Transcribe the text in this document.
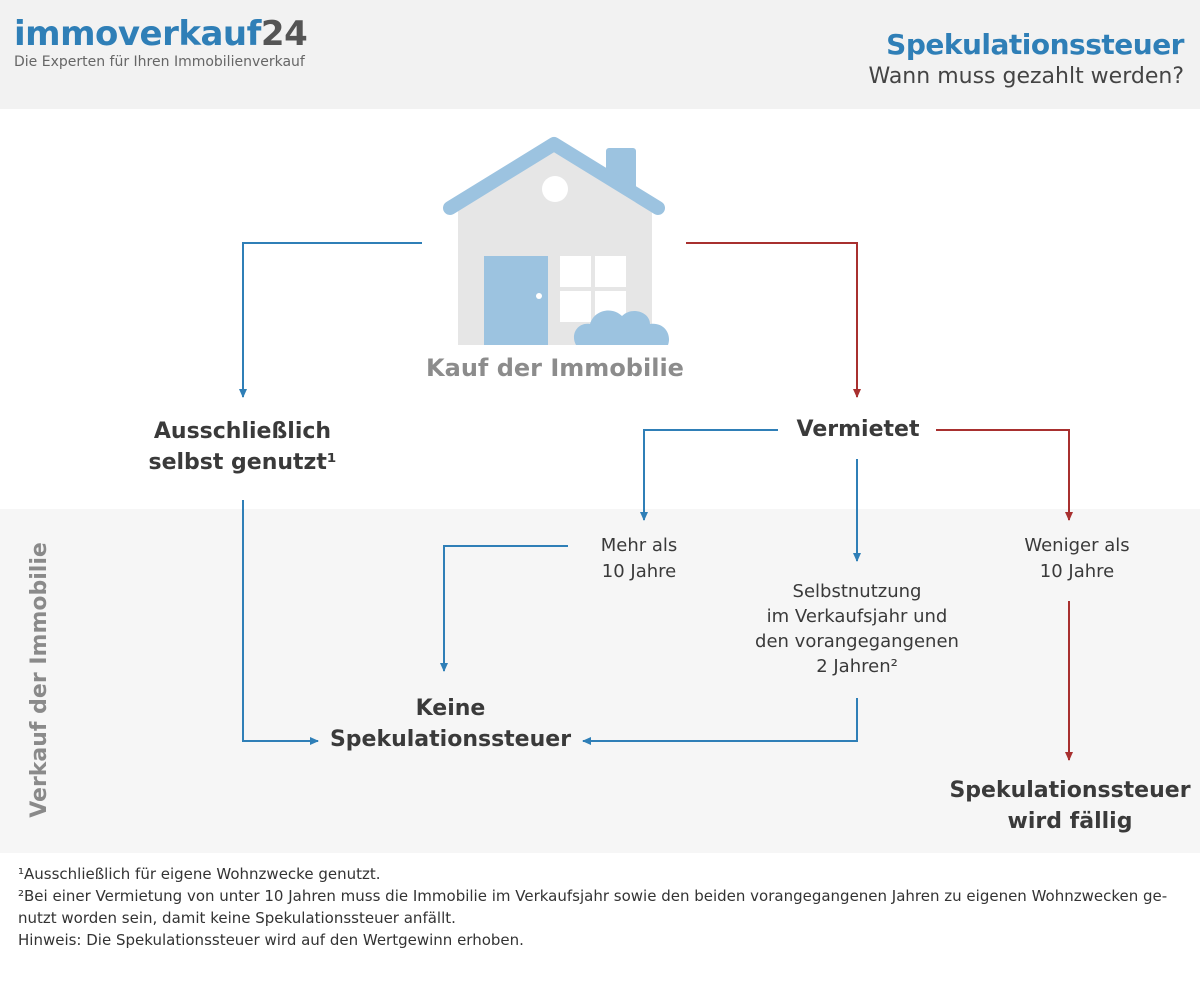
immoverkauf24
Die Experten für Ihren Immobilienverkauf
Spekulationssteuer
Wann muss gezahlt werden?
Kauf der Immobilie
Ausschließlich
selbst genutzt¹
Vermietet
Mehr als
10 Jahre
Selbstnutzung
im Verkaufsjahr und
den vorangegangenen
2 Jahren²
Weniger als
10 Jahre
Keine
Spekulationssteuer
Spekulationssteuer
wird fällig
Verkauf der Immobilie
¹Ausschließlich für eigene Wohnzwecke genutzt.
²Bei einer Vermietung von unter 10 Jahren muss die Immobilie im Verkaufsjahr sowie den beiden vorangegangenen Jahren zu eigenen Wohnzwecken ge-
nutzt worden sein, damit keine Spekulationssteuer anfällt.
Hinweis: Die Spekulationssteuer wird auf den Wertgewinn erhoben.
